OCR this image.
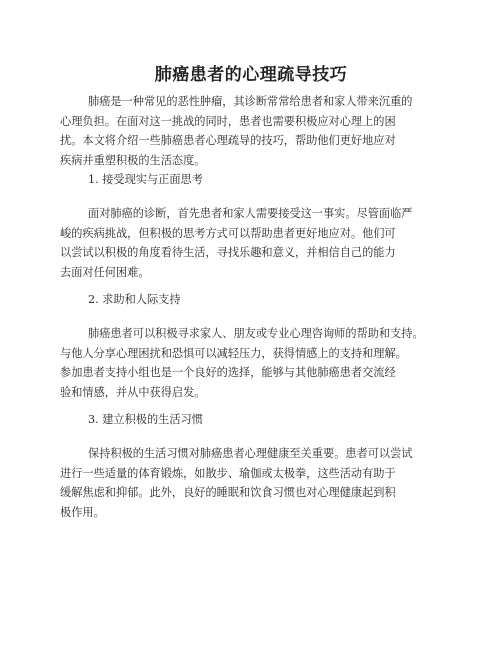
肺癌患者的心理疏导技巧
肺癌是一种常见的恶性肿瘤，其诊断常常给患者和家人带来沉重的
心理负担。在面对这一挑战的同时，患者也需要积极应对心理上的困
扰。本文将介绍一些肺癌患者心理疏导的技巧，帮助他们更好地应对
疾病并重塑积极的生活态度。
1. 接受现实与正面思考
面对肺癌的诊断，首先患者和家人需要接受这一事实。尽管面临严
峻的疾病挑战，但积极的思考方式可以帮助患者更好地应对。他们可
以尝试以积极的角度看待生活，寻找乐趣和意义，并相信自己的能力
去面对任何困难。
2. 求助和人际支持
肺癌患者可以积极寻求家人、朋友或专业心理咨询师的帮助和支持。
与他人分享心理困扰和恐惧可以减轻压力，获得情感上的支持和理解。
参加患者支持小组也是一个良好的选择，能够与其他肺癌患者交流经
验和情感，并从中获得启发。
3. 建立积极的生活习惯
保持积极的生活习惯对肺癌患者心理健康至关重要。患者可以尝试
进行一些适量的体育锻炼，如散步、瑜伽或太极拳，这些活动有助于
缓解焦虑和抑郁。此外，良好的睡眠和饮食习惯也对心理健康起到积
极作用。
